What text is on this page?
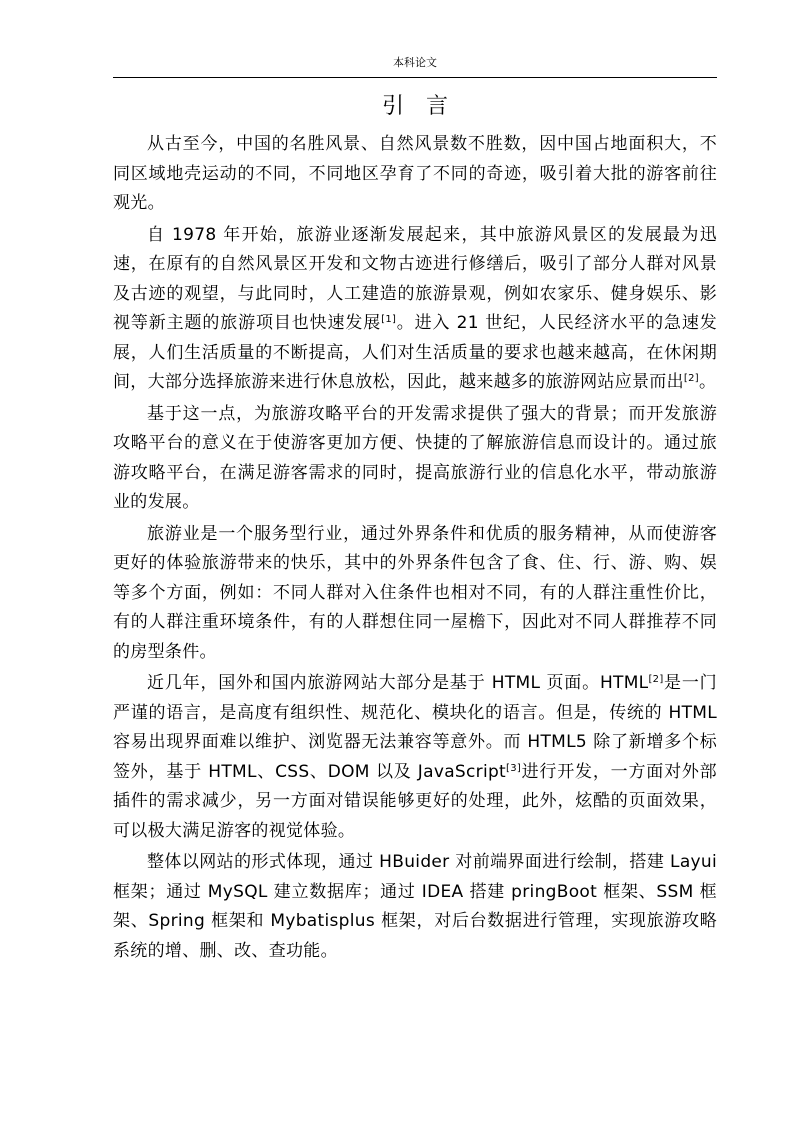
本科论文
引言

从古至今，中国的名胜风景、自然风景数不胜数，因中国占地面积大，不同区域地壳运动的不同，不同地区孕育了不同的奇迹，吸引着大批的游客前往观光。

自 1978 年开始，旅游业逐渐发展起来，其中旅游风景区的发展最为迅速，在原有的自然风景区开发和文物古迹进行修缮后，吸引了部分人群对风景及古迹的观望，与此同时，人工建造的旅游景观，例如农家乐、健身娱乐、影视等新主题的旅游项目也快速发展[1]。进入 21 世纪，人民经济水平的急速发展，人们生活质量的不断提高，人们对生活质量的要求也越来越高，在休闲期间，大部分选择旅游来进行休息放松，因此，越来越多的旅游网站应景而出[2]。

基于这一点，为旅游攻略平台的开发需求提供了强大的背景；而开发旅游攻略平台的意义在于使游客更加方便、快捷的了解旅游信息而设计的。通过旅游攻略平台，在满足游客需求的同时，提高旅游行业的信息化水平，带动旅游业的发展。

旅游业是一个服务型行业，通过外界条件和优质的服务精神，从而使游客更好的体验旅游带来的快乐，其中的外界条件包含了食、住、行、游、购、娱等多个方面，例如：不同人群对入住条件也相对不同，有的人群注重性价比，有的人群注重环境条件，有的人群想住同一屋檐下，因此对不同人群推荐不同的房型条件。

近几年，国外和国内旅游网站大部分是基于 HTML 页面。HTML[2]是一门严谨的语言，是高度有组织性、规范化、模块化的语言。但是，传统的 HTML 容易出现界面难以维护、浏览器无法兼容等意外。而 HTML5 除了新增多个标签外，基于 HTML、CSS、DOM 以及 JavaScript[3]进行开发，一方面对外部插件的需求减少，另一方面对错误能够更好的处理，此外，炫酷的页面效果，可以极大满足游客的视觉体验。

整体以网站的形式体现，通过 HBuider 对前端界面进行绘制，搭建 Layui 框架；通过 MySQL 建立数据库；通过 IDEA 搭建 pringBoot 框架、SSM 框架、Spring 框架和 Mybatisplus 框架，对后台数据进行管理，实现旅游攻略系统的增、删、改、查功能。
